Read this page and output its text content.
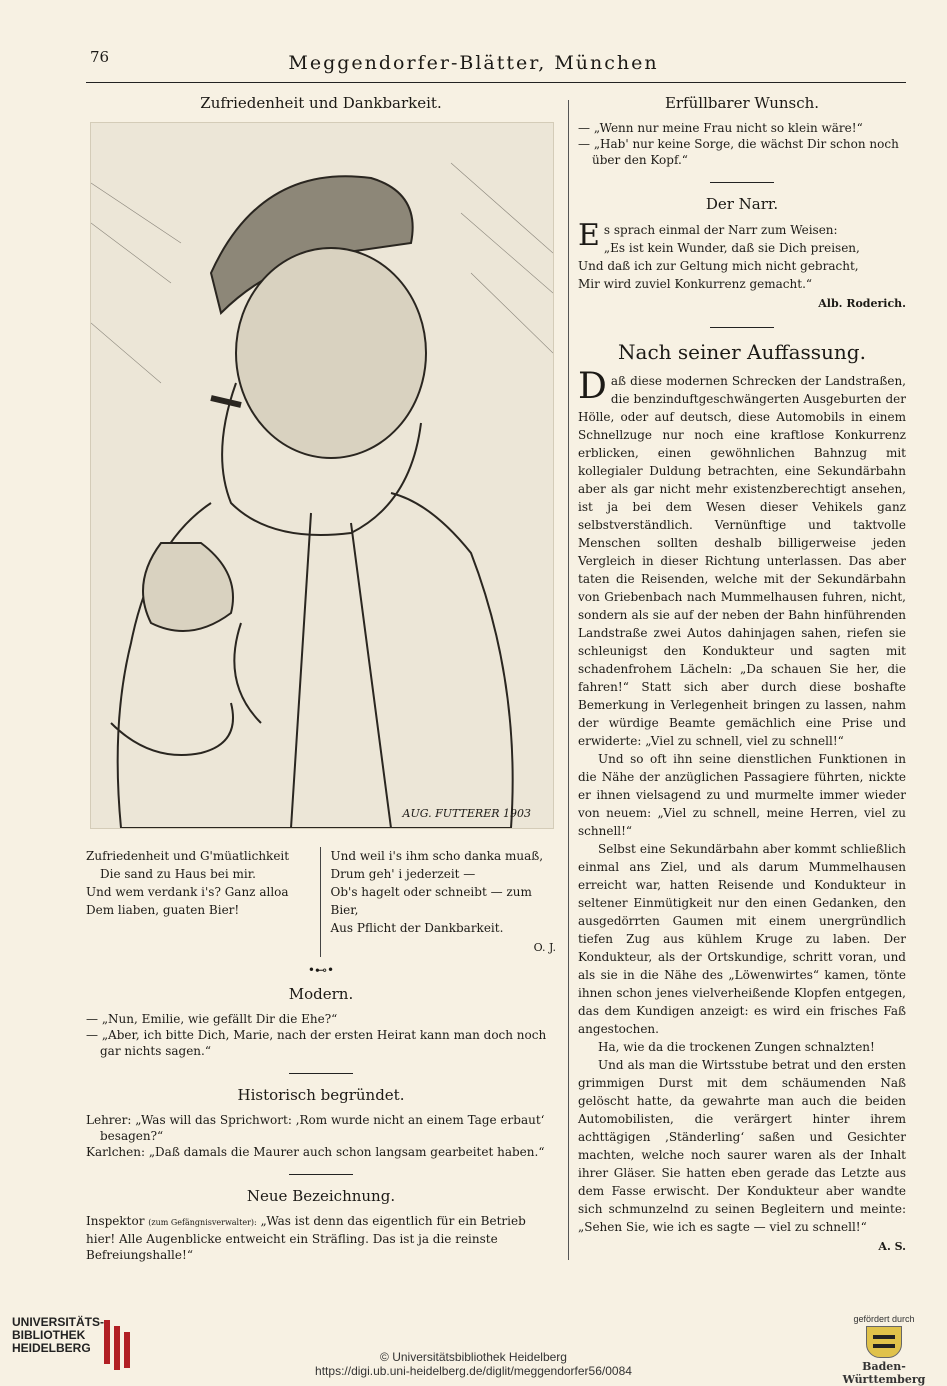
76	Meggendorfer-Blätter, München
Zufriedenheit und Dankbarkeit.
AUG. FUTTERER 1903
Zufriedenheit und G'müatlichkeit
Die sand zu Haus bei mir.
Und wem verdank i's? Ganz alloa
Dem liaben, guaten Bier!
Und weil i's ihm scho danka muaß,
Drum geh' i jederzeit —
Ob's hagelt oder schneibt — zum Bier,
Aus Pflicht der Dankbarkeit.
O. J.
•⊷•
Modern.

— „Nun, Emilie, wie gefällt Dir die Ehe?“

— „Aber, ich bitte Dich, Marie, nach der ersten Heirat kann man doch noch gar nichts sagen.“

Historisch begründet.

Lehrer: „Was will das Sprichwort: ‚Rom wurde nicht an einem Tage erbaut‘ besagen?“

Karlchen: „Daß damals die Maurer auch schon langsam gearbeitet haben.“

Neue Bezeichnung.

Inspektor (zum Gefängnisverwalter): „Was ist denn das eigentlich für ein Betrieb hier! Alle Augenblicke entweicht ein Sträfling. Das ist ja die reinste Befreiungshalle!“

Erfüllbarer Wunsch.

— „Wenn nur meine Frau nicht so klein wäre!“

— „Hab' nur keine Sorge, die wächst Dir schon noch über den Kopf.“

Der Narr.
E s sprach einmal der Narr zum Weisen:
„Es ist kein Wunder, daß sie Dich preisen,
Und daß ich zur Geltung mich nicht gebracht,
Mir wird zuviel Konkurrenz gemacht.“
Alb. Roderich.
Nach seiner Auffassung.

Daß diese modernen Schrecken der Landstraßen, die benzinduftgeschwängerten Ausgeburten der Hölle, oder auf deutsch, diese Automobils in einem Schnellzuge nur noch eine kraftlose Konkurrenz erblicken, einen gewöhnlichen Bahnzug mit kollegialer Duldung betrachten, eine Sekundärbahn aber als gar nicht mehr existenzberechtigt ansehen, ist ja bei dem Wesen dieser Vehikels ganz selbstverständlich. Vernünftige und taktvolle Menschen sollten deshalb billigerweise jeden Vergleich in dieser Richtung unterlassen. Das aber taten die Reisenden, welche mit der Sekundärbahn von Griebenbach nach Mummelhausen fuhren, nicht, sondern als sie auf der neben der Bahn hinführenden Landstraße zwei Autos dahinjagen sahen, riefen sie schleunigst den Kondukteur und sagten mit schadenfrohem Lächeln: „Da schauen Sie her, die fahren!“ Statt sich aber durch diese boshafte Bemerkung in Verlegenheit bringen zu lassen, nahm der würdige Beamte gemächlich eine Prise und erwiderte: „Viel zu schnell, viel zu schnell!“

Und so oft ihn seine dienstlichen Funktionen in die Nähe der anzüglichen Passagiere führten, nickte er ihnen vielsagend zu und murmelte immer wieder von neuem: „Viel zu schnell, meine Herren, viel zu schnell!“

Selbst eine Sekundärbahn aber kommt schließlich einmal ans Ziel, und als darum Mummelhausen erreicht war, hatten Reisende und Kondukteur in seltener Einmütigkeit nur den einen Gedanken, den ausgedörrten Gaumen mit einem unergründlich tiefen Zug aus kühlem Kruge zu laben. Der Kondukteur, als der Ortskundige, schritt voran, und als sie in die Nähe des „Löwenwirtes“ kamen, tönte ihnen schon jenes vielverheißende Klopfen entgegen, das dem Kundigen anzeigt: es wird ein frisches Faß angestochen.

Ha, wie da die trockenen Zungen schnalzten!

Und als man die Wirtsstube betrat und den ersten grimmigen Durst mit dem schäumenden Naß gelöscht hatte, da gewahrte man auch die beiden Automobilisten, die verärgert hinter ihrem achttägigen ‚Ständerling‘ saßen und Gesichter machten, welche noch saurer waren als der Inhalt ihrer Gläser. Sie hatten eben gerade das Letzte aus dem Fasse erwischt. Der Kondukteur aber wandte sich schmunzelnd zu seinen Begleitern und meinte: „Sehen Sie, wie ich es sagte — viel zu schnell!“

A. S.
UNIVERSITÄTS-
BIBLIOTHEK
HEIDELBERG
© Universitätsbibliothek Heidelberg
https://digi.ub.uni-heidelberg.de/diglit/meggendorfer56/0084
gefördert durch
Baden-Württemberg
